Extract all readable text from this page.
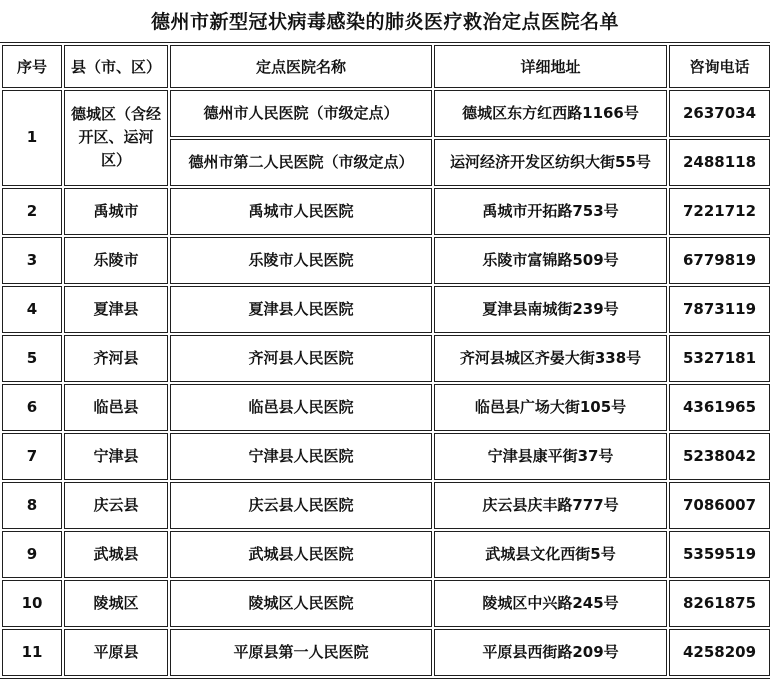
德州市新型冠状病毒感染的肺炎医疗救治定点医院名单
序号	县（市、区）	定点医院名称	详细地址	咨询电话
1	德城区（含经开区、运河区）	德州市人民医院（市级定点）	德城区东方红西路1166号	2637034
		德州市第二人民医院（市级定点）	运河经济开发区纺织大街55号	2488118
2	禹城市	禹城市人民医院	禹城市开拓路753号	7221712
3	乐陵市	乐陵市人民医院	乐陵市富锦路509号	6779819
4	夏津县	夏津县人民医院	夏津县南城街239号	7873119
5	齐河县	齐河县人民医院	齐河县城区齐晏大街338号	5327181
6	临邑县	临邑县人民医院	临邑县广场大街105号	4361965
7	宁津县	宁津县人民医院	宁津县康平街37号	5238042
8	庆云县	庆云县人民医院	庆云县庆丰路777号	7086007
9	武城县	武城县人民医院	武城县文化西街5号	5359519
10	陵城区	陵城区人民医院	陵城区中兴路245号	8261875
11	平原县	平原县第一人民医院	平原县西街路209号	4258209
